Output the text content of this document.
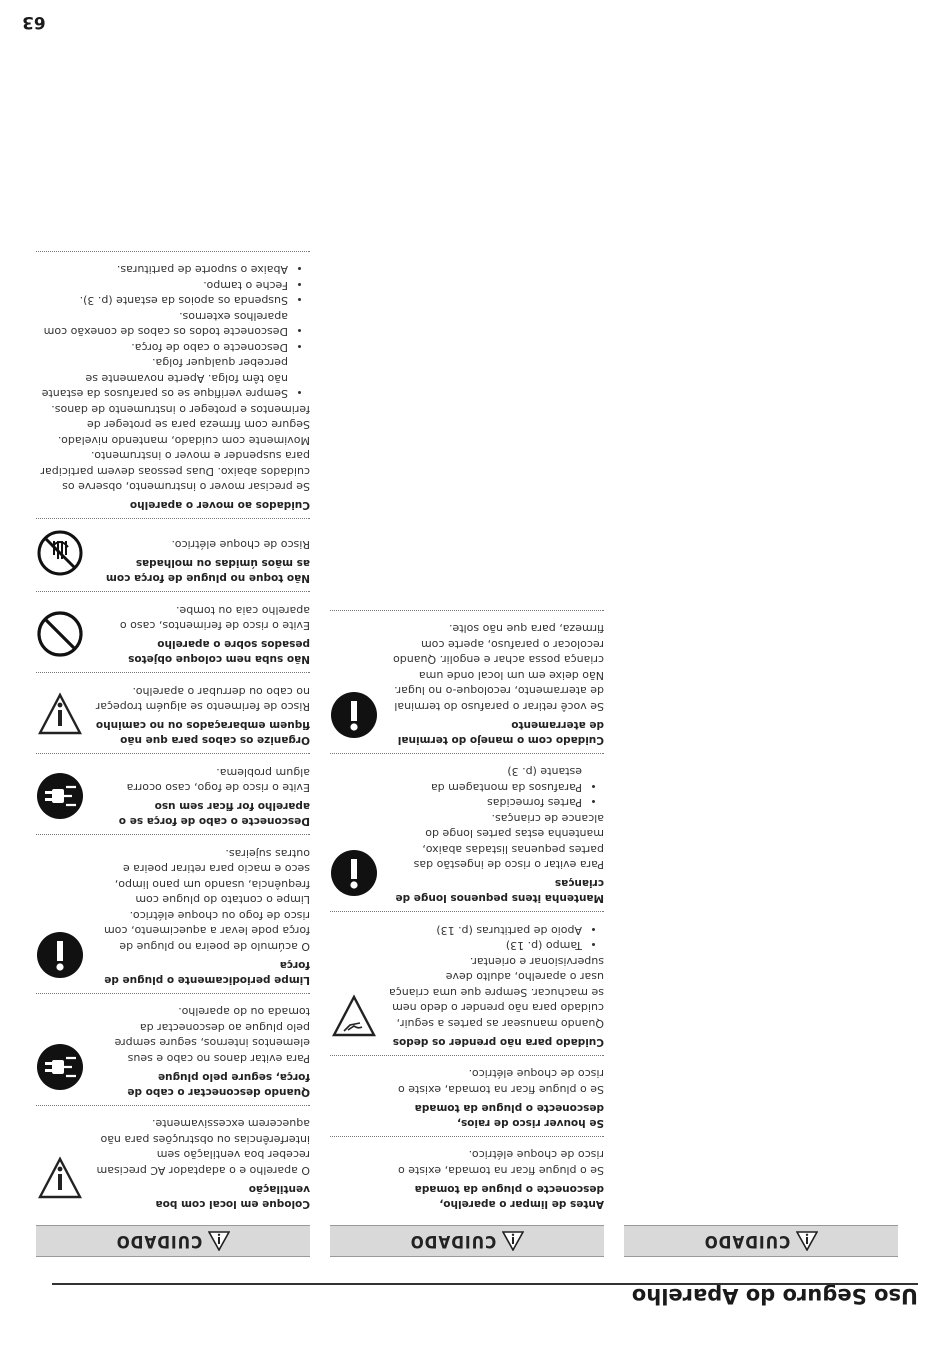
Uso Seguro do Aparelho
CUIDADO
CUIDADO
Antes de limpar o aparelho, desconecte o plugue da tomada
Se o plugue ficar na tomada, existe o risco de choque elétrico.
Se houver risco de raios, desconecte o plugue da tomada
Se o plugue ficar na tomada, existe o risco de choque elétrico.
Cuidado para não prender os dedos
Quando manusear as partes a seguir, cuidado para não prender o dedo nem se machucar. Sempre que uma criança usar o aparelho, adulto deve supervisionar e orientar.
• Tampo (p. 13)
• Apoio de partituras (p. 13)
Mantenha itens pequenos longe de crianças
Para evitar o risco de ingestão das partes pequenas listadas abaixo, mantenha estas partes longe do alcance de crianças.
• Partes fornecidas
• Parafusos da montagem da estante (p. 3)
Cuidado com o manejo do terminal de aterramento
Se você retirar o parafuso do terminal de aterramento, recoloque-o no lugar. Não deixe em um local onde uma criança possa achar e engolir. Quando recolocar o parafuso, aperte com firmeza, para que não solte.
CUIDADO
Coloque em local com boa ventilação
O aparelho e o adaptador AC precisam receber boa ventilação sem interferências ou obstruções para não aquecerem excessivamente.
Quando desconectar o cabo de força, segure pelo plugue
Para evitar danos no cabo e seus elementos internos, segure sempre pelo plugue ao desconectar da tomada ou do aparelho.
Limpe periodicamente o plugue de força
O acúmulo de poeira no plugue de força pode levar a aquecimento, com risco de fogo ou choque elétrico. Limpe o contato do plugue com frequência, usando um pano limpo, seco e macio para retirar poeira e outras sujeiras.
Desconecte o cabo de força se o aparelho for ficar sem uso
Evite o risco de fogo, caso ocorra algum problema.
Organize os cabos para que não fiquem embaraçados ou no caminho
Risco de ferimento se alguém tropeçar no cabo ou derrubar o aparelho.
Não suba nem coloque objetos pesados sobre o aparelho
Evite o risco de ferimentos, caso o aparelho caia ou tombe.
Não toque no plugue de força com as mãos úmidas ou molhadas
Risco de choque elétrico.
Cuidados ao mover o aparelho
Se precisar mover o instrumento, observe os cuidados abaixo. Duas pessoas devem participar para suspender e mover o instrumento. Movimente com cuidado, mantendo nivelado. Segure com firmeza para se proteger de ferimentos e proteger o instrumento de danos.
• Sempre verifique se os parafusos da estante não têm folga. Aperte novamente se perceber qualquer folga.
• Desconecte o cabo de força.
• Desconecte todos os cabos de conexão com aparelhos externos.
• Suspenda os apoios da estante (p. 3).
• Feche o tampo.
• Abaixe o suporte de partituras.
63
